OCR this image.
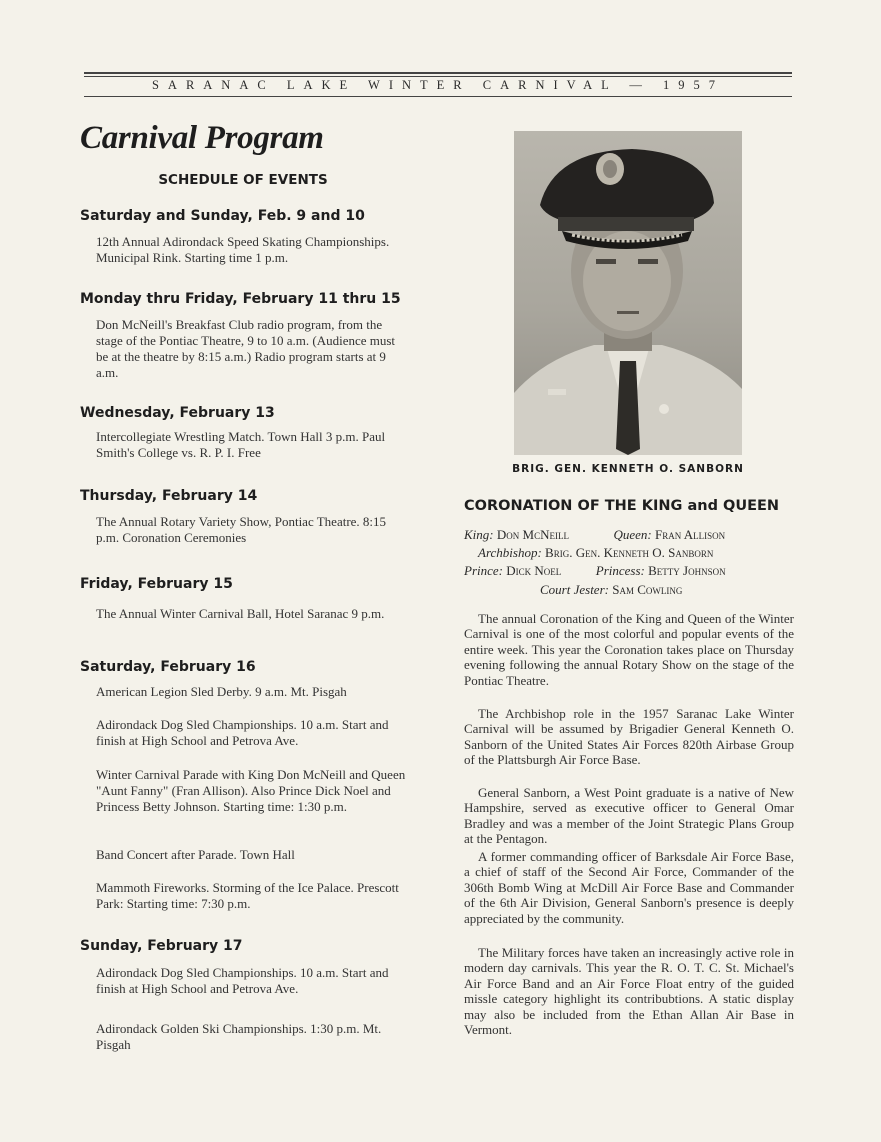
SARANAC LAKE WINTER CARNIVAL — 1957
Carnival Program
SCHEDULE OF EVENTS
Saturday and Sunday, Feb. 9 and 10

12th Annual Adirondack Speed Skating Championships. Municipal Rink. Starting time 1 p.m.

Monday thru Friday, February 11 thru 15

Don McNeill's Breakfast Club radio program, from the stage of the Pontiac Theatre, 9 to 10 a.m. (Audience must be at the theatre by 8:15 a.m.) Radio program starts at 9 a.m.

Wednesday, February 13

Intercollegiate Wrestling Match. Town Hall 3 p.m. Paul Smith's College vs. R. P. I. Free

Thursday, February 14

The Annual Rotary Variety Show, Pontiac Theatre. 8:15 p.m. Coronation Ceremonies

Friday, February 15

The Annual Winter Carnival Ball, Hotel Saranac 9 p.m.

Saturday, February 16

American Legion Sled Derby. 9 a.m. Mt. Pisgah

Adirondack Dog Sled Championships. 10 a.m. Start and finish at High School and Petrova Ave.

Winter Carnival Parade with King Don McNeill and Queen "Aunt Fanny" (Fran Allison). Also Prince Dick Noel and Princess Betty Johnson. Starting time: 1:30 p.m.

Band Concert after Parade. Town Hall

Mammoth Fireworks. Storming of the Ice Palace. Prescott Park: Starting time: 7:30 p.m.

Sunday, February 17

Adirondack Dog Sled Championships. 10 a.m. Start and finish at High School and Petrova Ave.

Adirondack Golden Ski Championships. 1:30 p.m. Mt. Pisgah

BRIG. GEN. KENNETH O. SANBORN

CORONATION OF THE KING and QUEEN

King: Don McNeill	Queen: Fran Allison

Archbishop: Brig. Gen. Kenneth O. Sanborn

Prince: Dick Noel	Princess: Betty Johnson

Court Jester: Sam Cowling

The annual Coronation of the King and Queen of the Winter Carnival is one of the most colorful and popular events of the entire week. This year the Coronation takes place on Thursday evening following the annual Rotary Show on the stage of the Pontiac Theatre.

The Archbishop role in the 1957 Saranac Lake Winter Carnival will be assumed by Brigadier General Kenneth O. Sanborn of the United States Air Forces 820th Airbase Group of the Plattsburgh Air Force Base.

General Sanborn, a West Point graduate is a native of New Hampshire, served as executive officer to General Omar Bradley and was a member of the Joint Strategic Plans Group at the Pentagon.

A former commanding officer of Barksdale Air Force Base, a chief of staff of the Second Air Force, Commander of the 306th Bomb Wing at McDill Air Force Base and Commander of the 6th Air Division, General Sanborn's presence is deeply appreciated by the community.

The Military forces have taken an increasingly active role in modern day carnivals. This year the R. O. T. C. St. Michael's Air Force Band and an Air Force Float entry of the guided missle category highlight its contribubtions. A static display may also be included from the Ethan Allan Air Base in Vermont.
